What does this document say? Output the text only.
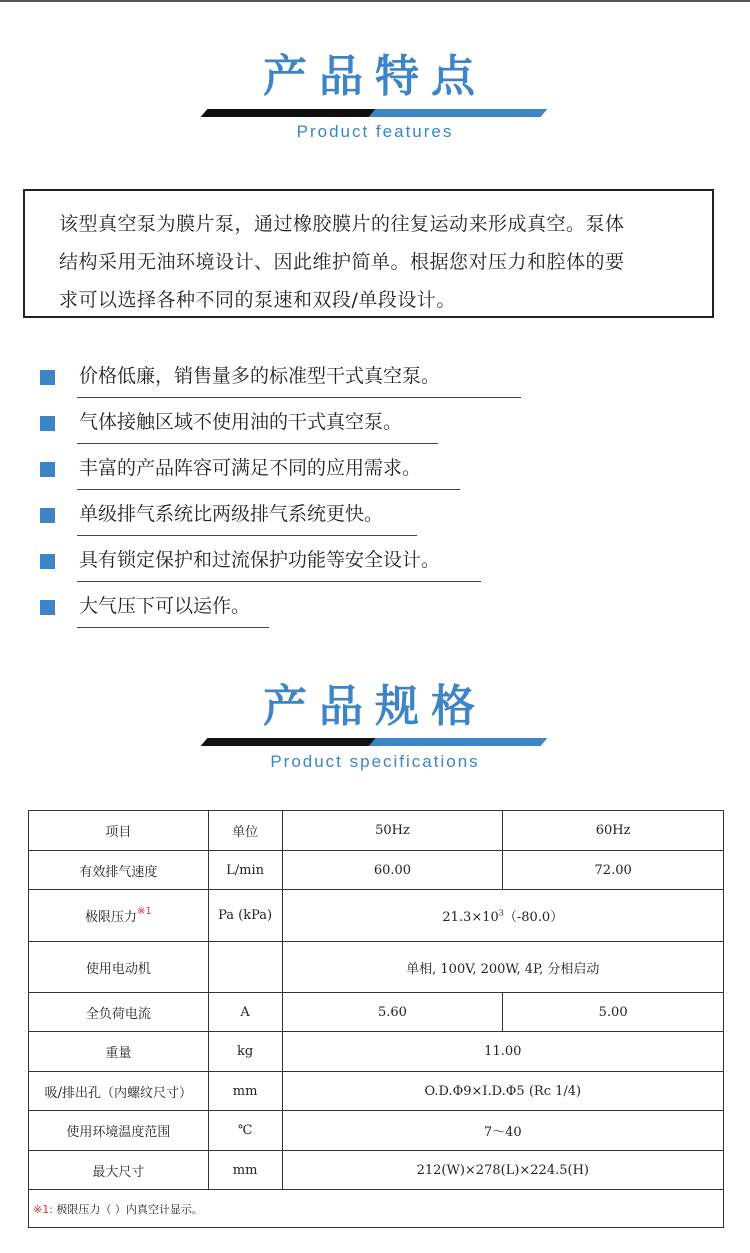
产品特点
Product features
该型真空泵为膜片泵，通过橡胶膜片的往复运动来形成真空。泵体
结构采用无油环境设计、因此维护简单。根据您对压力和腔体的要
求可以选择各种不同的泵速和双段/单段设计。
价格低廉，销售量多的标准型干式真空泵。
气体接触区域不使用油的干式真空泵。
丰富的产品阵容可满足不同的应用需求。
单级排气系统比两级排气系统更快。
具有锁定保护和过流保护功能等安全设计。
大气压下可以运作。
产品规格
Product specifications
项目	单位	50Hz	60Hz
有效排气速度	L/min	60.00	72.00
极限压力$^{※1}$	Pa (kPa)	$21.3\times 10^3(-80.0)$	
使用电动机		单相, 100V, 200W, 4P, 分相启动	
全负荷电流	A	5.60	5.00
重量	kg	11.00	
吸/排出孔（内螺纹尺寸）	mm	O.D.Φ9×I.D.Φ5 (Rc 1/4)	
使用环境温度范围	℃	7～40	
最大尺寸	mm	212(W)×278(L)×224.5(H)	
※1: 极限压力（ ）内真空计显示。			
